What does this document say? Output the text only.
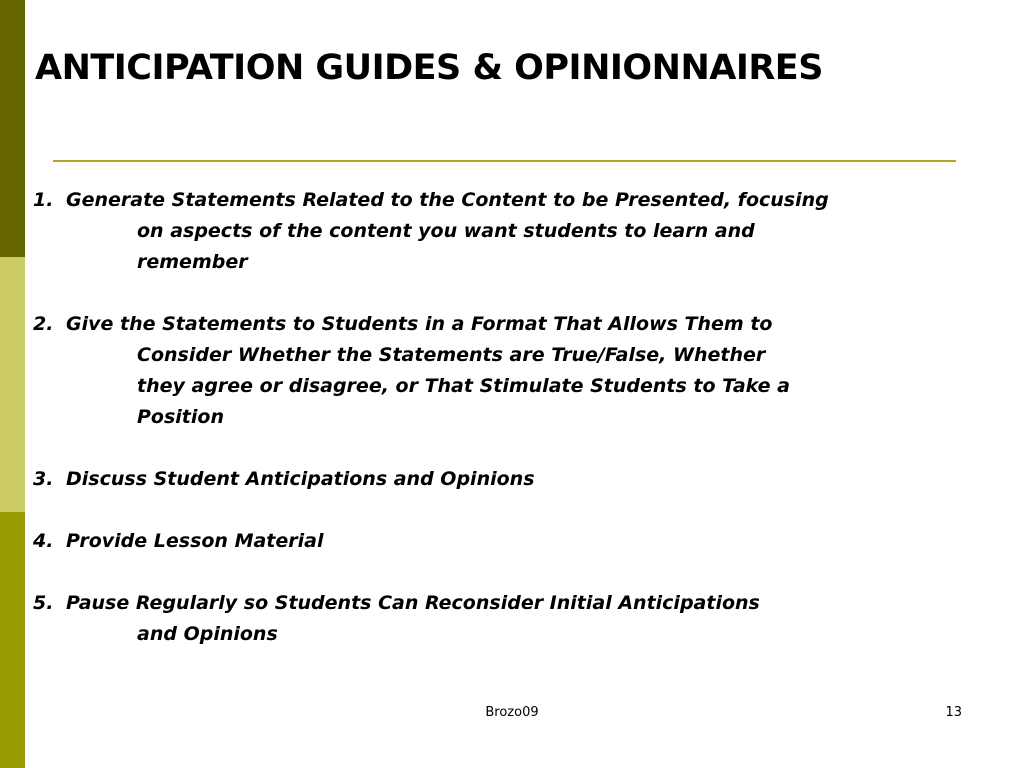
ANTICIPATION GUIDES & OPINIONNAIRES
1. Generate Statements Related to the Content to be Presented, focusing
on aspects of the content you want students to learn and
remember
2. Give the Statements to Students in a Format That Allows Them to
Consider Whether the Statements are True/False, Whether
they agree or disagree, or That Stimulate Students to Take a
Position
3. Discuss Student Anticipations and Opinions
4. Provide Lesson Material
5. Pause Regularly so Students Can Reconsider Initial Anticipations
and Opinions
Brozo09	13
